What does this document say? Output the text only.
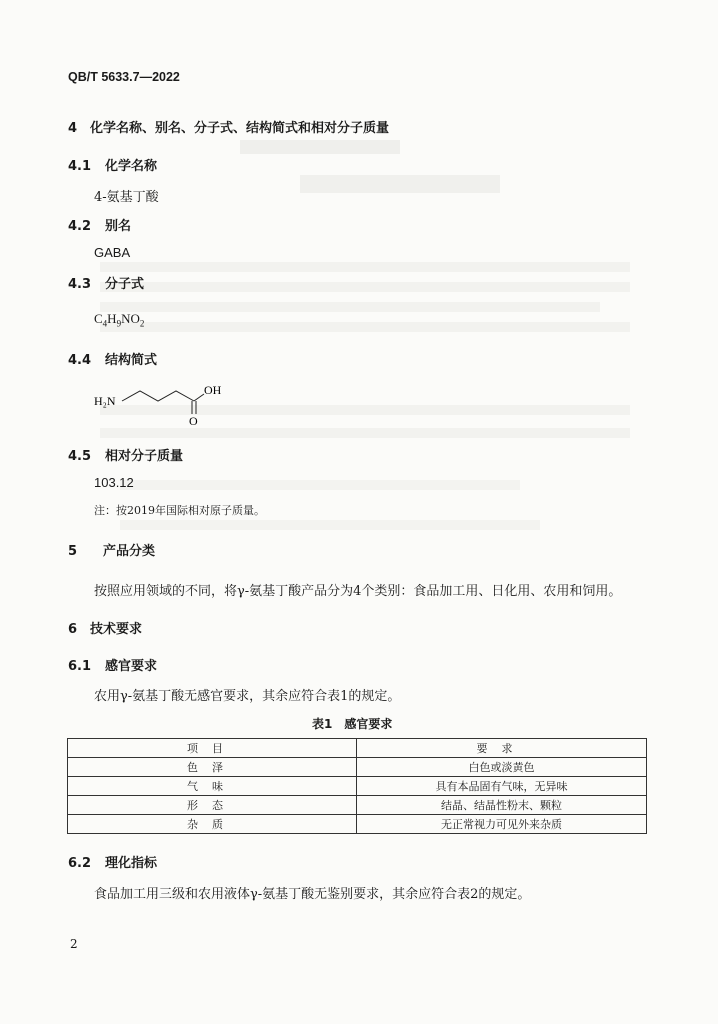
QB/T 5633.7—2022
4　化学名称、别名、分子式、结构简式和相对分子质量
4.1 化学名称
4-氨基丁酸
4.2 别名
GABA
4.3 分子式
$C_4H_9NO_2$
4.4 结构简式
H₂N
OH
O
4.5 相对分子质量
103.12
注：按2019年国际相对原子质量。
5　　产品分类
按照应用领域的不同，将γ-氨基丁酸产品分为4个类别：食品加工用、日化用、农用和饲用。
6　技术要求
6.1 感官要求
农用γ-氨基丁酸无感官要求，其余应符合表1的规定。
表1　感官要求
项目	要求
色泽	白色或淡黄色
气味	具有本品固有气味，无异味
形态	结晶、结晶性粉末、颗粒
杂质	无正常视力可见外来杂质
6.2 理化指标
食品加工用三级和农用液体γ-氨基丁酸无鉴别要求，其余应符合表2的规定。
2
